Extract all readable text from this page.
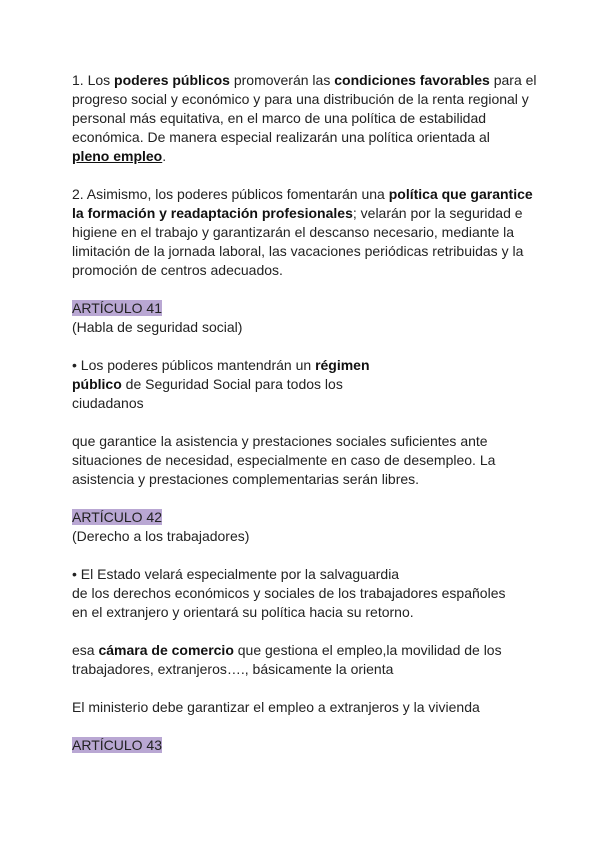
1. Los poderes públicos promoverán las condiciones favorables para el progreso social y económico y para una distribución de la renta regional y personal más equitativa, en el marco de una política de estabilidad económica. De manera especial realizarán una política orientada al
pleno empleo.

2. Asimismo, los poderes públicos fomentarán una política que garantice la formación y readaptación profesionales; velarán por la seguridad e higiene en el trabajo y garantizarán el descanso necesario, mediante la limitación de la jornada laboral, las vacaciones periódicas retribuidas y la promoción de centros adecuados.

ARTÍCULO 41

(Habla de seguridad social)

• Los poderes públicos mantendrán un régimen
público de Seguridad Social para todos los
ciudadanos

que garantice la asistencia y prestaciones sociales suficientes ante situaciones de necesidad, especialmente en caso de desempleo. La asistencia y prestaciones complementarias serán libres.

ARTÍCULO 42

(Derecho a los trabajadores)

• El Estado velará especialmente por la salvaguardia
de los derechos económicos y sociales de los trabajadores españoles
en el extranjero y orientará su política hacia su retorno.

esa cámara de comercio que gestiona el empleo,la movilidad de los trabajadores, extranjeros…., básicamente la orienta

El ministerio debe garantizar el empleo a extranjeros y la vivienda

ARTÍCULO 43
